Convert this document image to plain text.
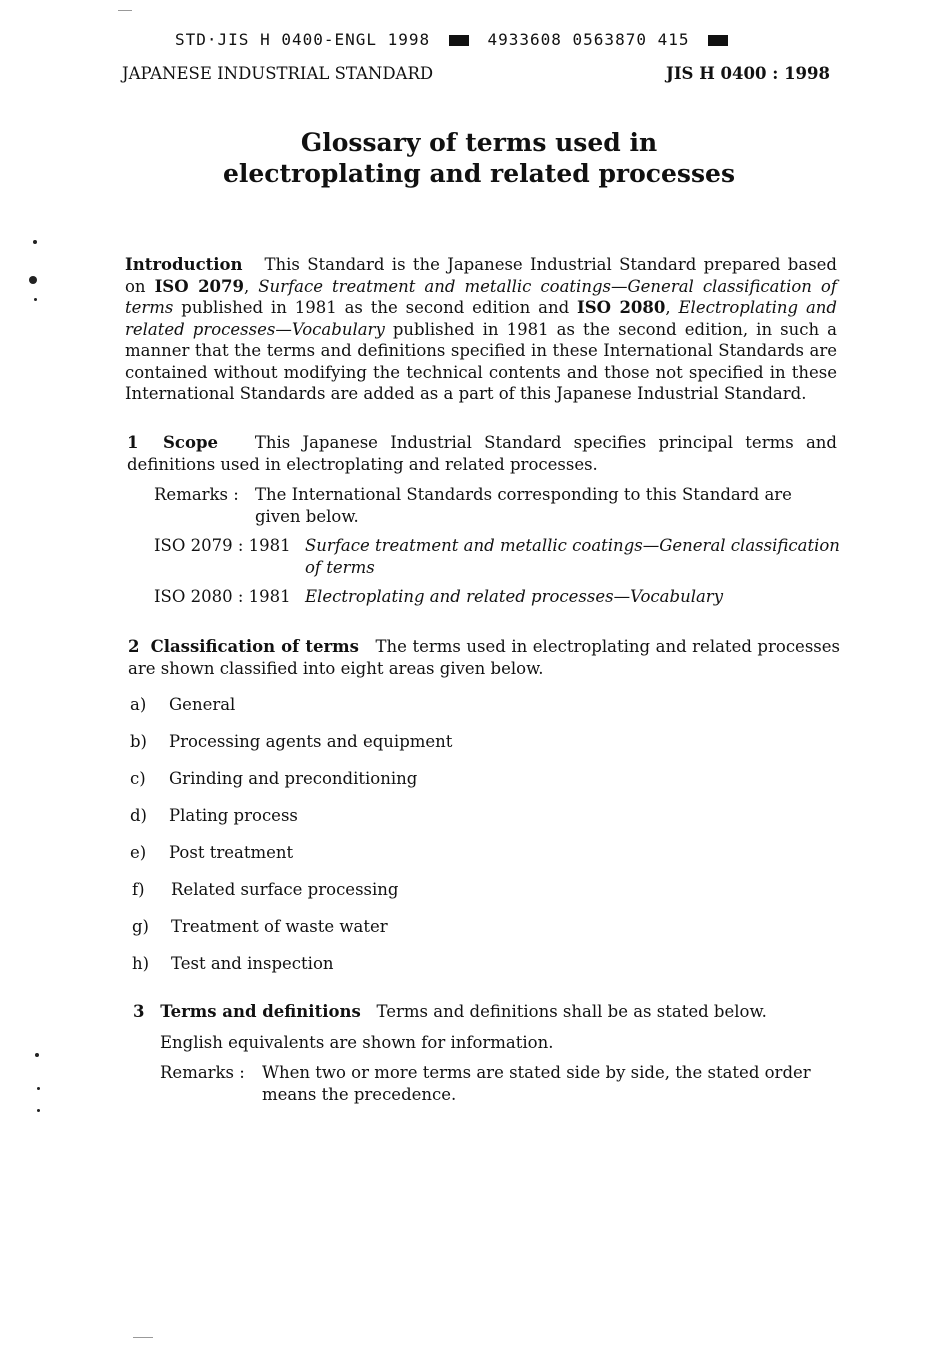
STD·JIS H 0400-ENGL 1998	4933608 0563870 415
JAPANESE INDUSTRIAL STANDARD	JIS H 0400 : 1998
Glossary of terms used in
electroplating and related processes
Introduction This Standard is the Japanese Industrial Standard prepared based on ISO 2079, Surface treatment and metallic coatings—General classification of terms published in 1981 as the second edition and ISO 2080, Electroplating and related processes—Vocabulary published in 1981 as the second edition, in such a manner that the terms and definitions specified in these International Standards are contained without modifying the technical contents and those not specified in these International Standards are added as a part of this Japanese Industrial Standard.
1 Scope This Japanese Industrial Standard specifies principal terms and definitions used in electroplating and related processes.
Remarks : The International Standards corresponding to this Standard are given below.
ISO 2079 : 1981 Surface treatment and metallic coatings—General classification of terms
ISO 2080 : 1981 Electroplating and related processes—Vocabulary
2 Classification of terms The terms used in electroplating and related processes are shown classified into eight areas given below.
a) General
b) Processing agents and equipment
c) Grinding and preconditioning
d) Plating process
e) Post treatment
f) Related surface processing
g) Treatment of waste water
h) Test and inspection
3 Terms and definitions Terms and definitions shall be as stated below.
English equivalents are shown for information.
Remarks : When two or more terms are stated side by side, the stated order means the precedence.
